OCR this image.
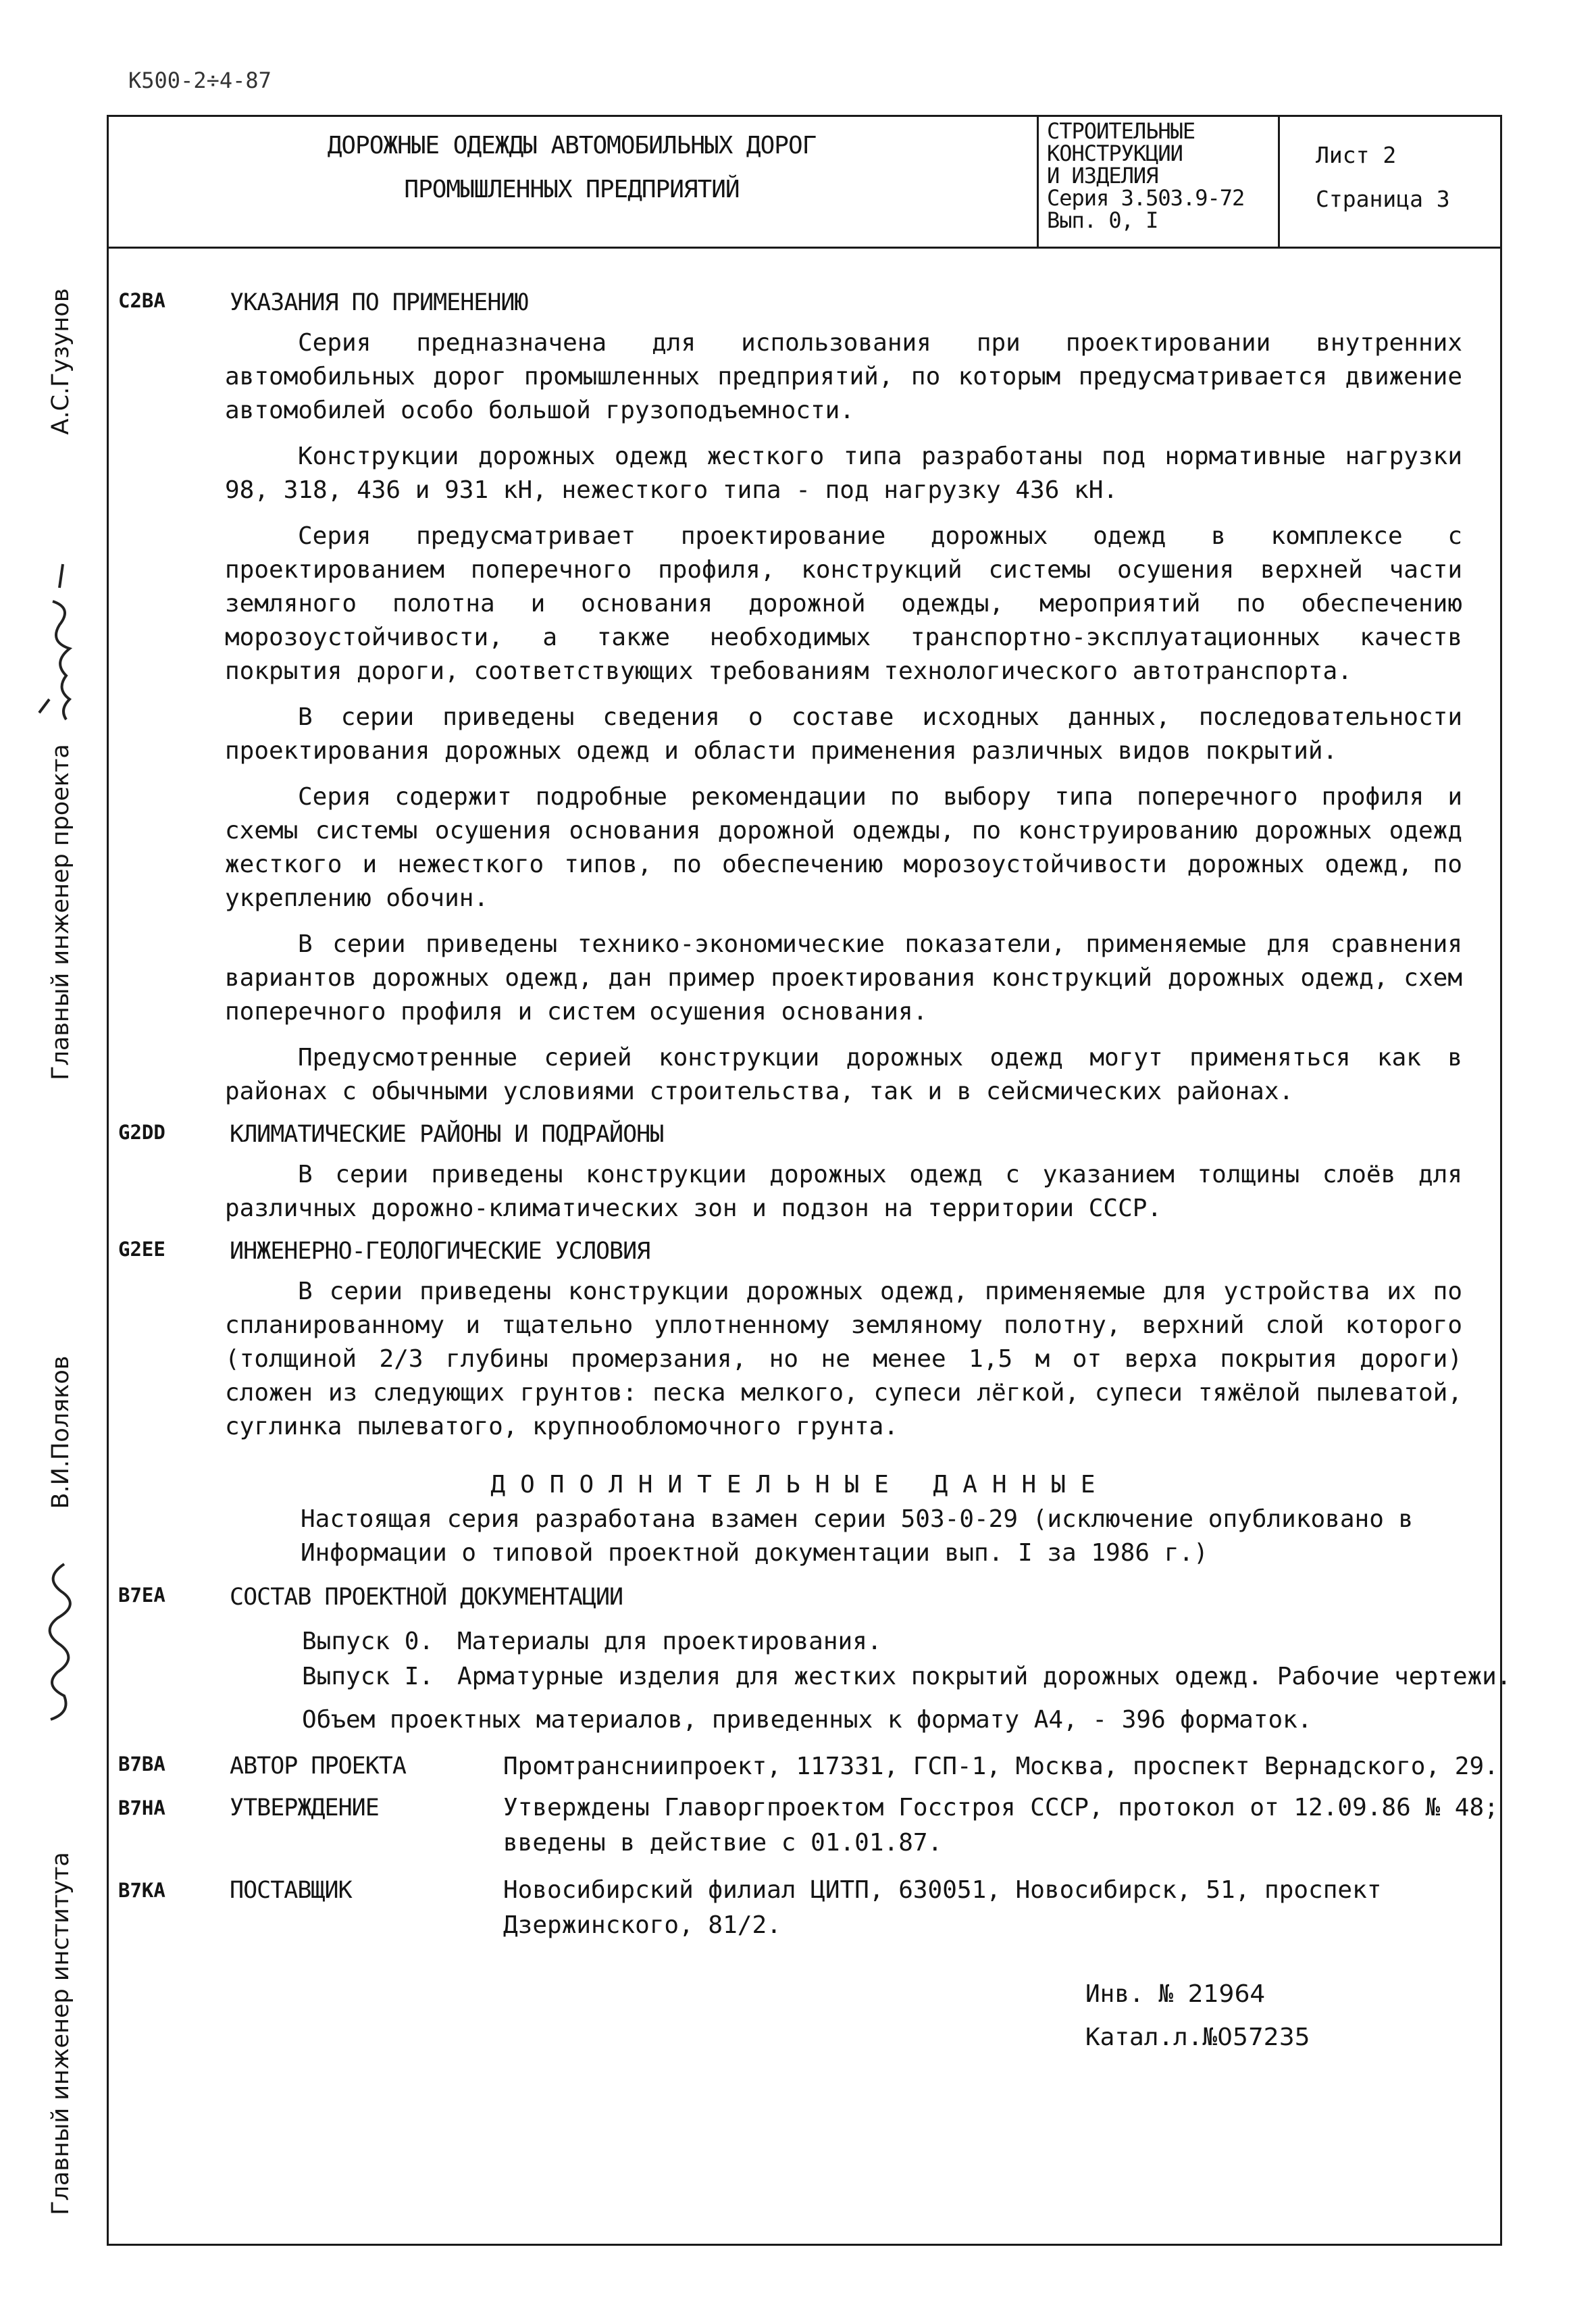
К500-2÷4-87
ДОРОЖНЫЕ ОДЕЖДЫ АВТОМОБИЛЬНЫХ ДОРОГ
ПРОМЫШЛЕННЫХ ПРЕДПРИЯТИЙ
СТРОИТЕЛЬНЫЕ
КОНСТРУКЦИИ
И ИЗДЕЛИЯ
Серия 3.503.9-72
Вып. 0, I
Лист 2
Страница 3
А.С.Гузунов
Главный инженер проекта
В.И.Поляков
Главный инженер института
C2BA	УКАЗАНИЯ ПО ПРИМЕНЕНИЮ

Серия предназначена для использования при проектировании внутренних автомобильных дорог промышленных предприятий, по которым предусматривается движение автомобилей особо большой грузоподъемности.

Конструкции дорожных одежд жесткого типа разработаны под нормативные нагрузки 98, 318, 436 и 931 кН, нежесткого типа - под нагрузку 436 кН.

Серия предусматривает проектирование дорожных одежд в комплексе с проектированием поперечного профиля, конструкций системы осушения верхней части земляного полотна и основания дорожной одежды, мероприятий по обеспечению морозоустойчивости, а также необходимых транспортно-эксплуатационных качеств покрытия дороги, соответствующих требованиям технологического автотранспорта.

В серии приведены сведения о составе исходных данных, последовательности проектирования дорожных одежд и области применения различных видов покрытий.

Серия содержит подробные рекомендации по выбору типа поперечного профиля и схемы системы осушения основания дорожной одежды, по конструированию дорожных одежд жесткого и нежесткого типов, по обеспечению морозоустойчивости дорожных одежд, по укреплению обочин.

В серии приведены технико-экономические показатели, применяемые для сравнения вариантов дорожных одежд, дан пример проектирования конструкций дорожных одежд, схем поперечного профиля и систем осушения основания.

Предусмотренные серией конструкции дорожных одежд могут применяться как в районах с обычными условиями строительства, так и в сейсмических районах.

G2DD	КЛИМАТИЧЕСКИЕ РАЙОНЫ И ПОДРАЙОНЫ

В серии приведены конструкции дорожных одежд с указанием толщины слоёв для различных дорожно-климатических зон и подзон на территории СССР.

G2EE	ИНЖЕНЕРНО-ГЕОЛОГИЧЕСКИЕ УСЛОВИЯ

В серии приведены конструкции дорожных одежд, применяемые для устройства их по спланированному и тщательно уплотненному земляному полотну, верхний слой которого (толщиной 2/3 глубины промерзания, но не менее 1,5 м от верха покрытия дороги) сложен из следующих грунтов: песка мелкого, супеси лёгкой, супеси тяжёлой пылеватой, суглинка пылеватого, крупнообломочного грунта.

ДОПОЛНИТЕЛЬНЫЕ ДАННЫЕ
Настоящая серия разработана взамен серии 503-0-29 (исключение опубликовано в Информации о типовой проектной документации вып. I за 1986 г.)
B7EA	СОСТАВ ПРОЕКТНОЙ ДОКУМЕНТАЦИИ
Выпуск 0. Материалы для проектирования.
Выпуск I. Арматурные изделия для жестких покрытий дорожных одежд. Рабочие чертежи.
Объем проектных материалов, приведенных к формату А4, - 396 форматок.
B7BA	АВТОР ПРОЕКТА	Промтрансниипроект, 117331, ГСП-1, Москва, проспект Вернадского, 29.
B7HA	УТВЕРЖДЕНИЕ	Утверждены Главоргпроектом Госстроя СССР, протокол от 12.09.86 № 48;
введены в действие с 01.01.87.
B7KA	ПОСТАВЩИК	Новосибирский филиал ЦИТП, 630051, Новосибирск, 51, проспект
Дзержинского, 81/2.
Инв. № 21964
Катал.л.№057235
